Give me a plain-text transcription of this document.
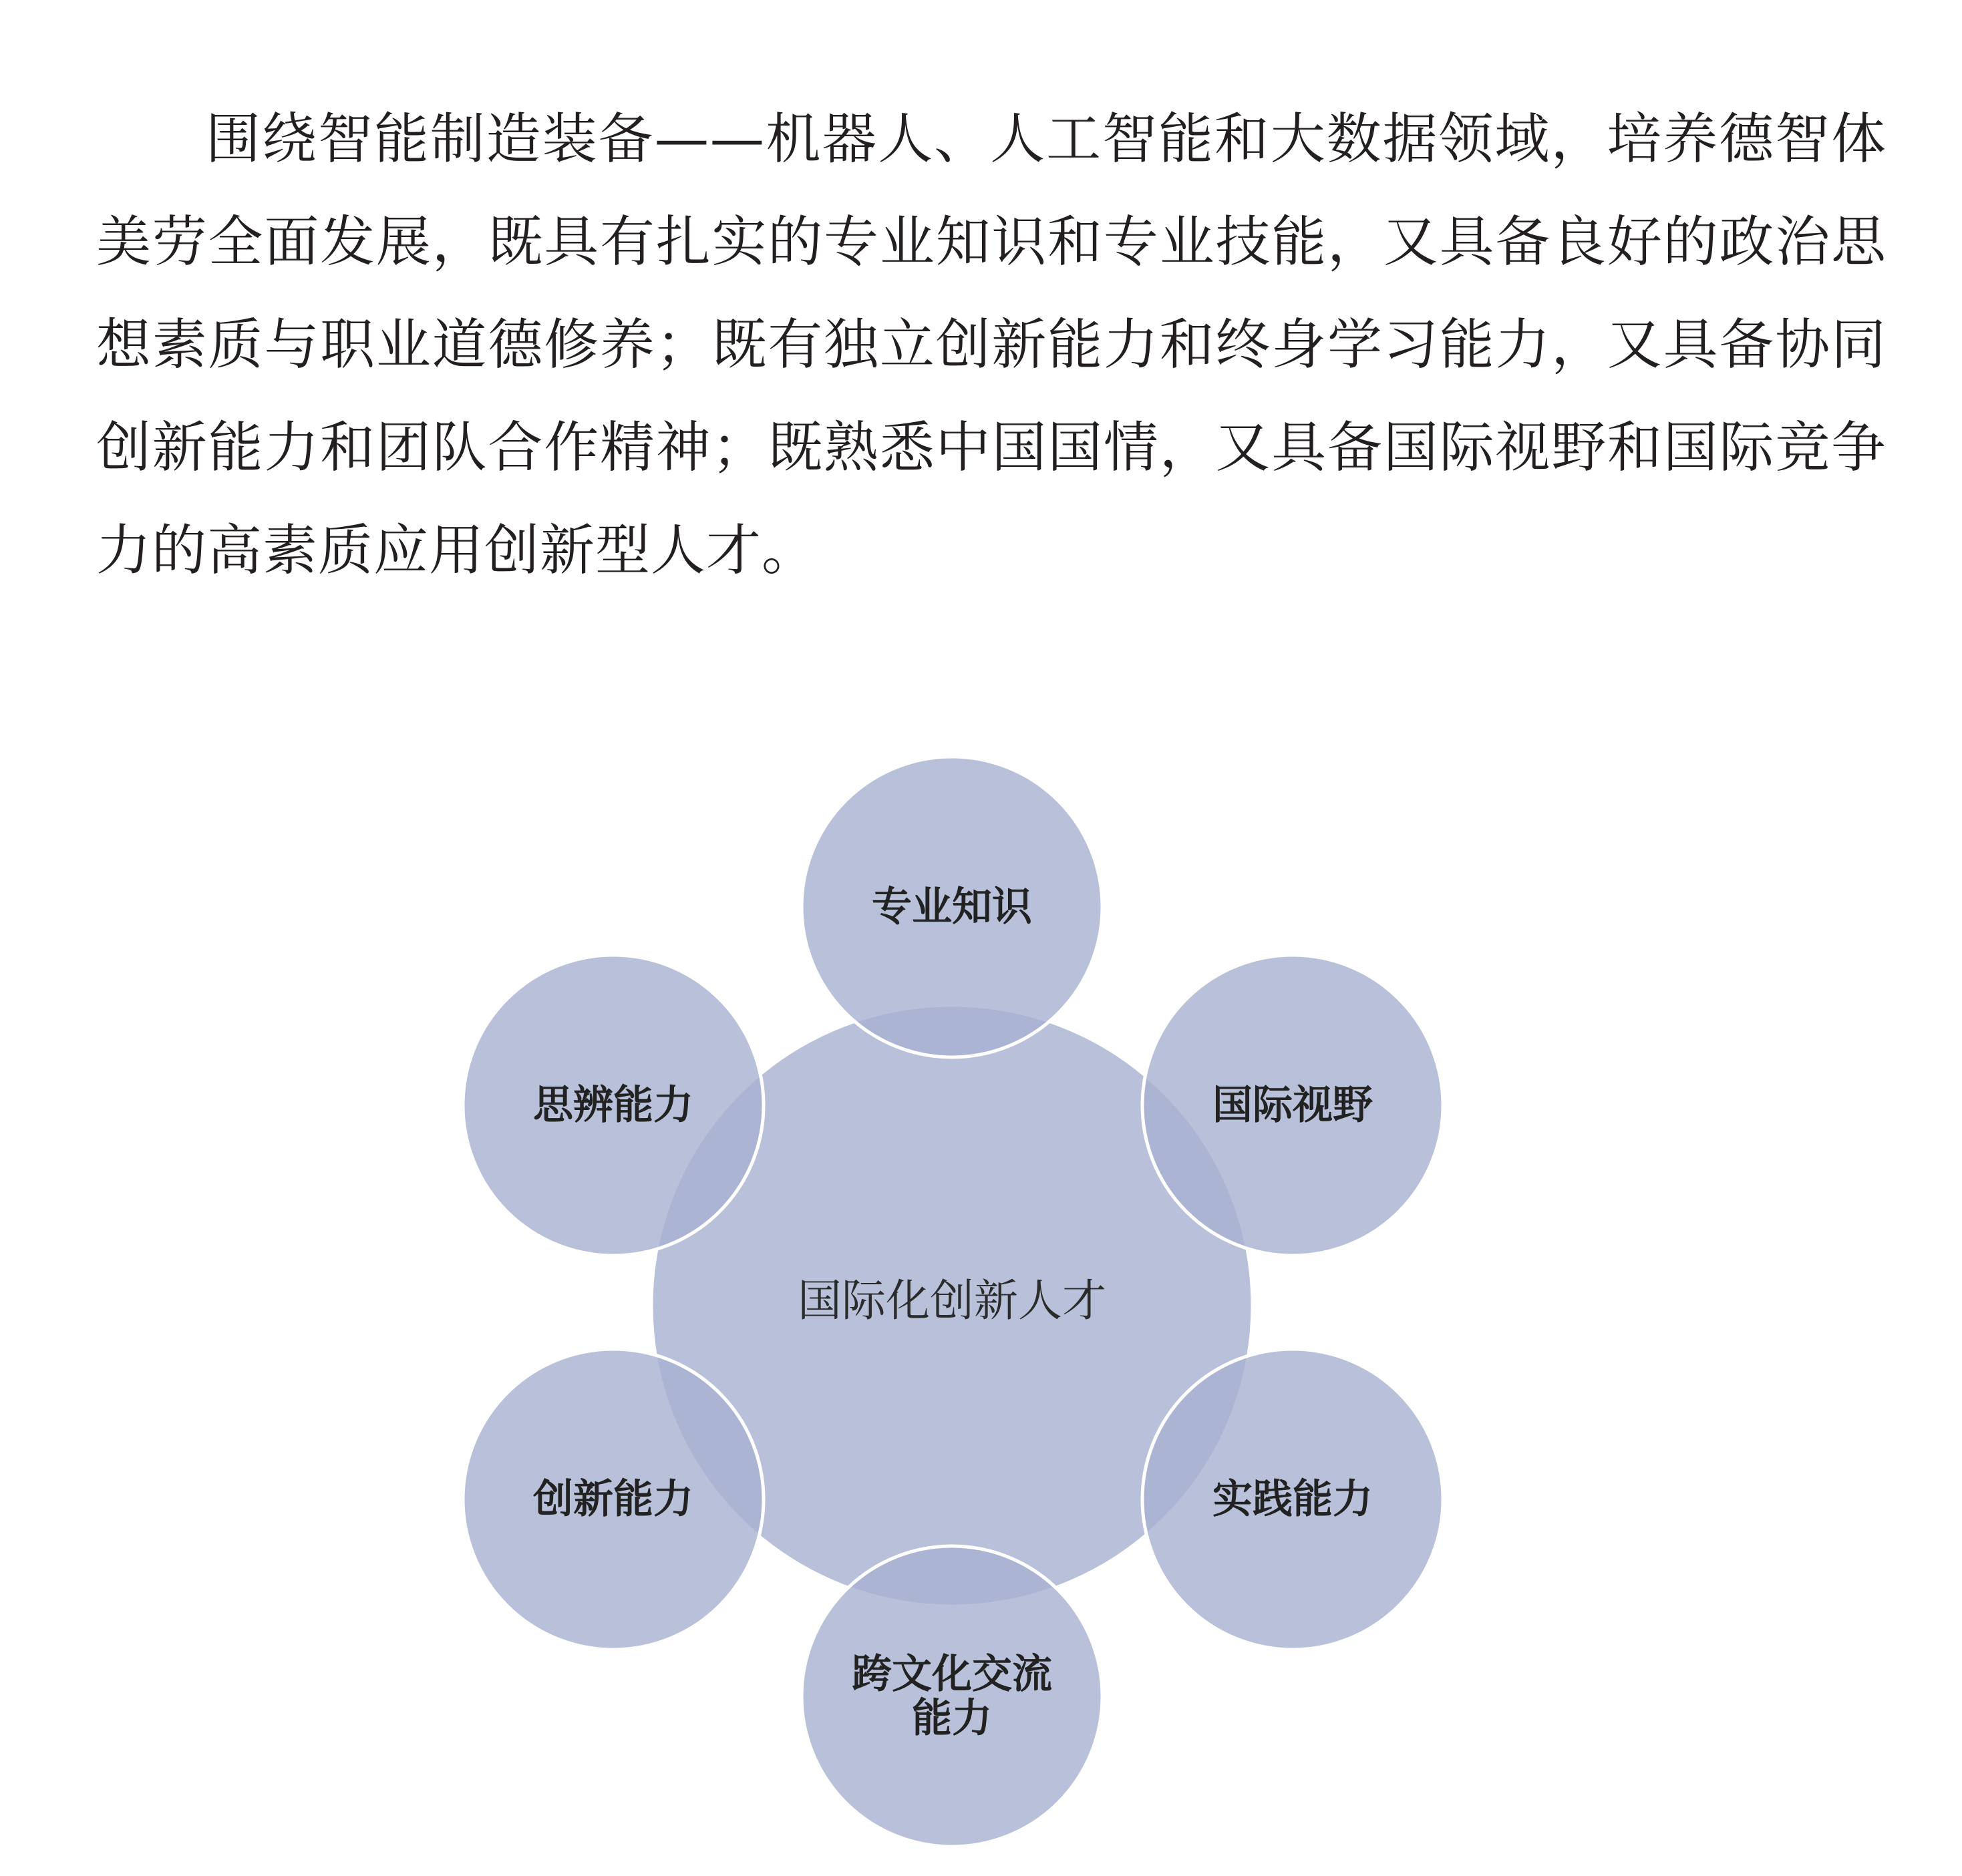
围绕智能制造装备——机器人、人工智能和大数据领域，培养德智体美劳全面发展，既具有扎实的专业知识和专业技能，又具备良好的政治思想素质与职业道德修养；既有独立创新能力和终身学习能力，又具备协同创新能力和团队合作精神；既熟悉中国国情，又具备国际视野和国际竞争力的高素质应用创新型人才。

国际化创新人才
专业知识
国际视野
实践能力
跨文化交流
能力
创新能力
思辨能力
